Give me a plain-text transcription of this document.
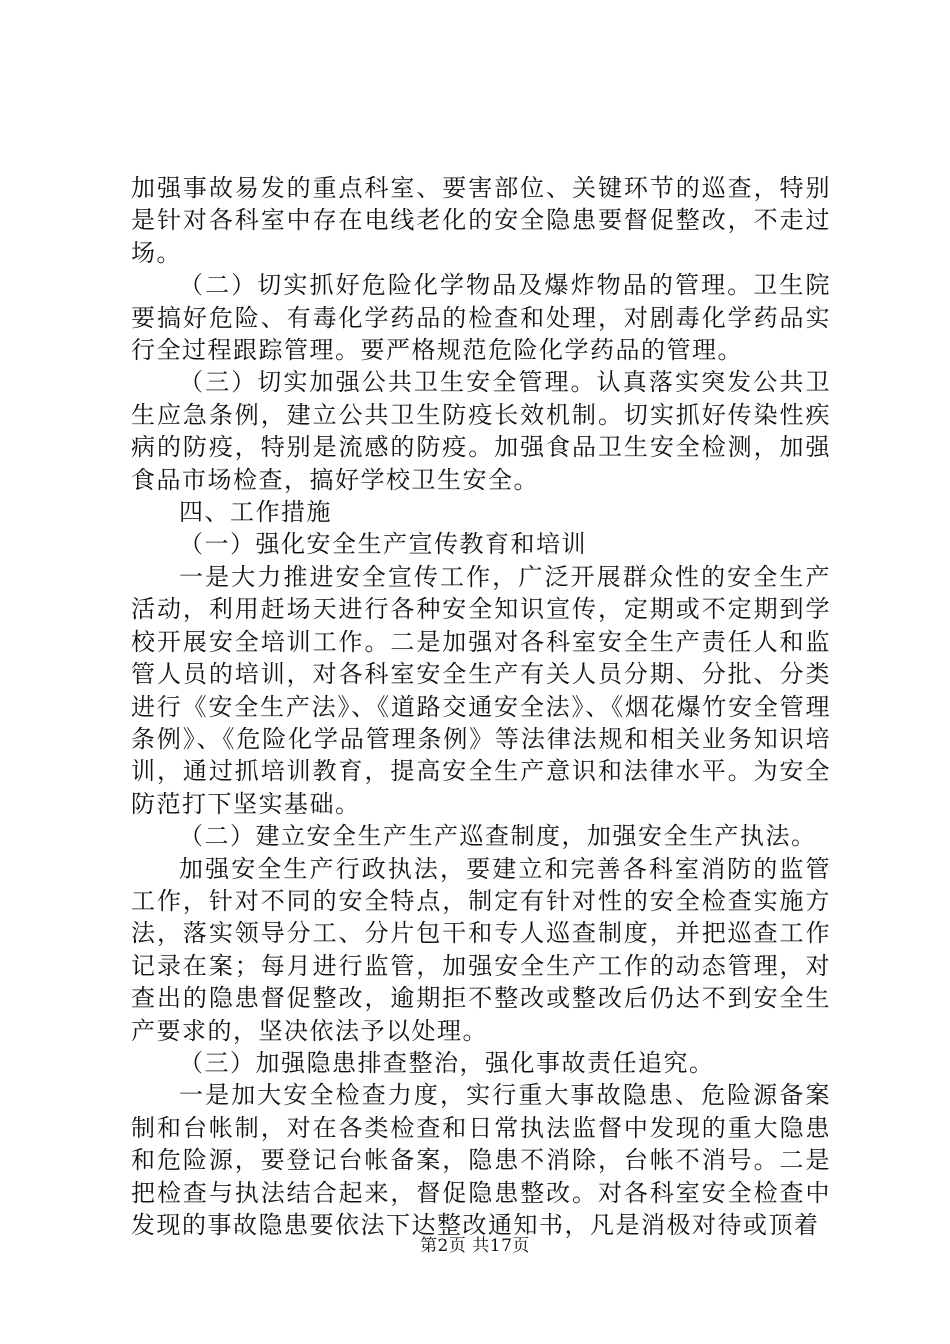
加强事故易发的重点科室、要害部位、关键环节的巡查，特别是针对各科室中存在电线老化的安全隐患要督促整改，不走过场。

（二）切实抓好危险化学物品及爆炸物品的管理。卫生院要搞好危险、有毒化学药品的检查和处理，对剧毒化学药品实行全过程跟踪管理。要严格规范危险化学药品的管理。

（三）切实加强公共卫生安全管理。认真落实突发公共卫生应急条例，建立公共卫生防疫长效机制。切实抓好传染性疾病的防疫，特别是流感的防疫。加强食品卫生安全检测，加强食品市场检查，搞好学校卫生安全。

四、工作措施

（一）强化安全生产宣传教育和培训

一是大力推进安全宣传工作，广泛开展群众性的安全生产活动，利用赶场天进行各种安全知识宣传，定期或不定期到学校开展安全培训工作。二是加强对各科室安全生产责任人和监管人员的培训，对各科室安全生产有关人员分期、分批、分类进行《安全生产法》、《道路交通安全法》、《烟花爆竹安全管理条例》、《危险化学品管理条例》等法律法规和相关业务知识培训，通过抓培训教育，提高安全生产意识和法律水平。为安全防范打下坚实基础。

（二）建立安全生产生产巡查制度，加强安全生产执法。

加强安全生产行政执法，要建立和完善各科室消防的监管工作，针对不同的安全特点，制定有针对性的安全检查实施方法，落实领导分工、分片包干和专人巡查制度，并把巡查工作记录在案；每月进行监管，加强安全生产工作的动态管理，对查出的隐患督促整改，逾期拒不整改或整改后仍达不到安全生产要求的，坚决依法予以处理。

（三）加强隐患排查整治，强化事故责任追究。

一是加大安全检查力度，实行重大事故隐患、危险源备案制和台帐制，对在各类检查和日常执法监督中发现的重大隐患和危险源，要登记台帐备案，隐患不消除，台帐不消号。二是把检查与执法结合起来，督促隐患整改。对各科室安全检查中发现的事故隐患要依法下达整改通知书，凡是消极对待或顶着

第2页 共17页
